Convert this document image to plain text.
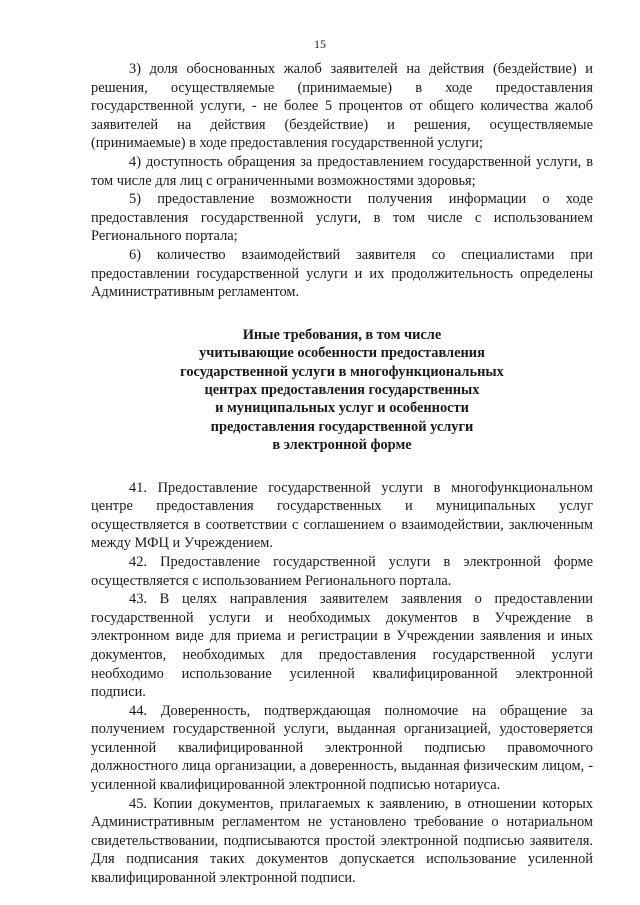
15

3) доля обоснованных жалоб заявителей на действия (бездействие) и решения, осуществляемые (принимаемые) в ходе предоставления государственной услуги, - не более 5 процентов от общего количества жалоб заявителей на действия (бездействие) и решения, осуществляемые (принимаемые) в ходе предоставления государственной услуги;

4) доступность обращения за предоставлением государственной услуги, в том числе для лиц с ограниченными возможностями здоровья;

5) предоставление возможности получения информации о ходе предоставления государственной услуги, в том числе с использованием Регионального портала;

6) количество взаимодействий заявителя со специалистами при предоставлении государственной услуги и их продолжительность определены Административным регламентом.

Иные требования, в том числе
учитывающие особенности предоставления
государственной услуги в многофункциональных
центрах предоставления государственных
и муниципальных услуг и особенности
предоставления государственной услуги
в электронной форме

41. Предоставление государственной услуги в многофункциональном центре предоставления государственных и муниципальных услуг осуществляется в соответствии с соглашением о взаимодействии, заключенным между МФЦ и Учреждением.

42. Предоставление государственной услуги в электронной форме осуществляется с использованием Регионального портала.

43. В целях направления заявителем заявления о предоставлении государственной услуги и необходимых документов в Учреждение в электронном виде для приема и регистрации в Учреждении заявления и иных документов, необходимых для предоставления государственной услуги необходимо использование усиленной квалифицированной электронной подписи.

44. Доверенность, подтверждающая полномочие на обращение за получением государственной услуги, выданная организацией, удостоверяется усиленной квалифицированной электронной подписью правомочного должностного лица организации, а доверенность, выданная физическим лицом, - усиленной квалифицированной электронной подписью нотариуса.

45. Копии документов, прилагаемых к заявлению, в отношении которых Административным регламентом не установлено требование о нотариальном свидетельствовании, подписываются простой электронной подписью заявителя. Для подписания таких документов допускается использование усиленной квалифицированной электронной подписи.
